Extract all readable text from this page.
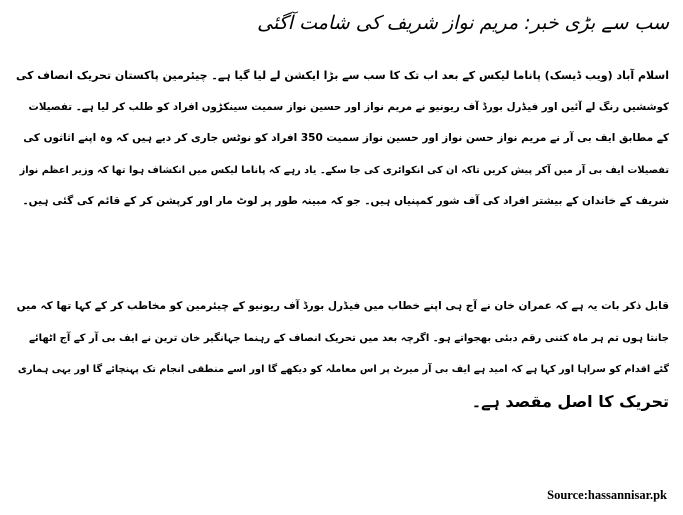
سب سے بڑی خبر: مریم نواز شریف کی شامت آگئی
اسلام آباد (ویب ڈیسک) پاناما لیکس کے بعد اب تک کا سب سے بڑا ایکشن لے لیا گیا ہے۔ چیئرمین پاکستان تحریک انصاف کی
کوششیں رنگ لے آئیں اور فیڈرل بورڈ آف ریونیو نے مریم نواز اور حسین نواز سمیت سینکڑوں افراد کو طلب کر لیا ہے۔ تفصیلات
کے مطابق ایف بی آر نے مریم نواز حسن نواز اور حسین نواز سمیت 350 افراد کو نوٹس جاری کر دیے ہیں کہ وہ اپنے اثاثوں کی
تفصیلات ایف بی آر میں آکر پیش کریں تاکہ ان کی انکوائری کی جا سکے۔ یاد رہے کہ پاناما لیکس میں انکشاف ہوا تھا کہ وزیر اعظم نواز
شریف کے خاندان کے بیشتر افراد کی آف شور کمپنیاں ہیں۔ جو کہ مبینہ طور پر لوٹ مار اور کرپشن کر کے قائم کی گئی ہیں۔
قابل ذکر بات یہ ہے کہ عمران خان نے آج ہی اپنے خطاب میں فیڈرل بورڈ آف ریونیو کے چیئرمین کو مخاطب کر کے کہا تھا کہ میں
جانتا ہوں تم ہر ماہ کتنی رقم دبئی بھجواتے ہو۔ اگرچہ بعد میں تحریک انصاف کے رہنما جہانگیر خان ترین نے ایف بی آر کے آج اٹھائے
گئے اقدام کو سراہا اور کہا ہے کہ امید ہے ایف بی آر میرٹ پر اس معاملہ کو دیکھے گا اور اسے منطقی انجام تک پہنچائے گا اور یہی ہماری
تحریک کا اصل مقصد ہے۔
Source:hassannisar.pk
